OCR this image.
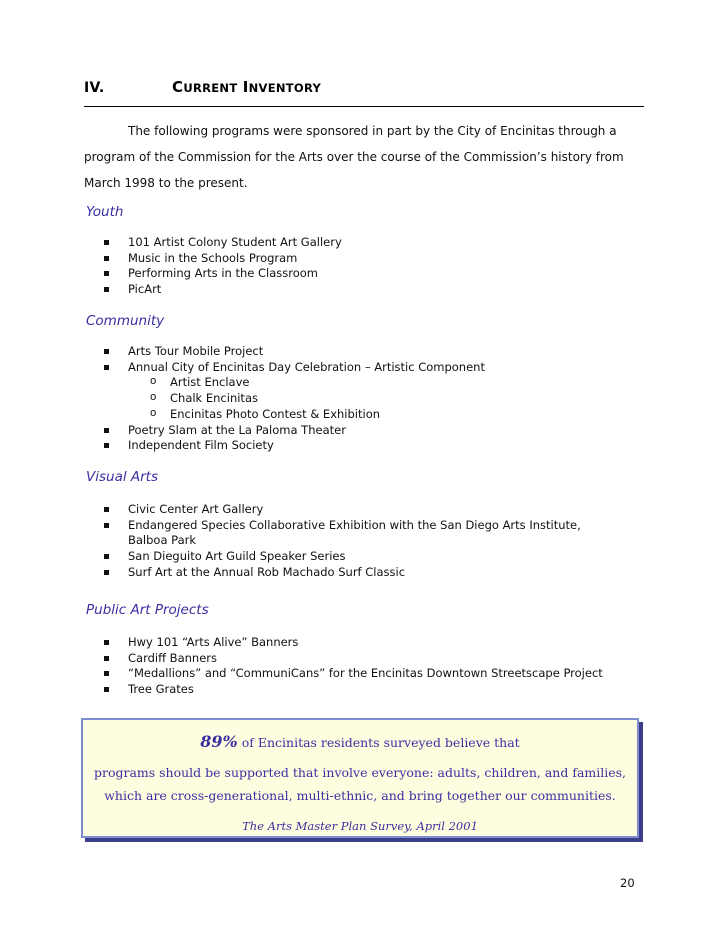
IV.	CURRENT INVENTORY

The following programs were sponsored in part by the City of Encinitas through a program of the Commission for the Arts over the course of the Commission’s history from March 1998 to the present.

Youth
101 Artist Colony Student Art Gallery
Music in the Schools Program
Performing Arts in the Classroom
PicArt
Community
Arts Tour Mobile Project
Annual City of Encinitas Day Celebration – Artistic Component
o Artist Enclave
o Chalk Encinitas
o Encinitas Photo Contest & Exhibition
Poetry Slam at the La Paloma Theater
Independent Film Society
Visual Arts
Civic Center Art Gallery
Endangered Species Collaborative Exhibition with the San Diego Arts Institute, Balboa Park
San Dieguito Art Guild Speaker Series
Surf Art at the Annual Rob Machado Surf Classic
Public Art Projects
Hwy 101 “Arts Alive” Banners
Cardiff Banners
“Medallions” and “CommuniCans” for the Encinitas Downtown Streetscape Project
Tree Grates
89% of Encinitas residents surveyed believe that
programs should be supported that involve everyone: adults, children, and families,
which are cross-generational, multi-ethnic, and bring together our communities.
The Arts Master Plan Survey, April 2001
20
